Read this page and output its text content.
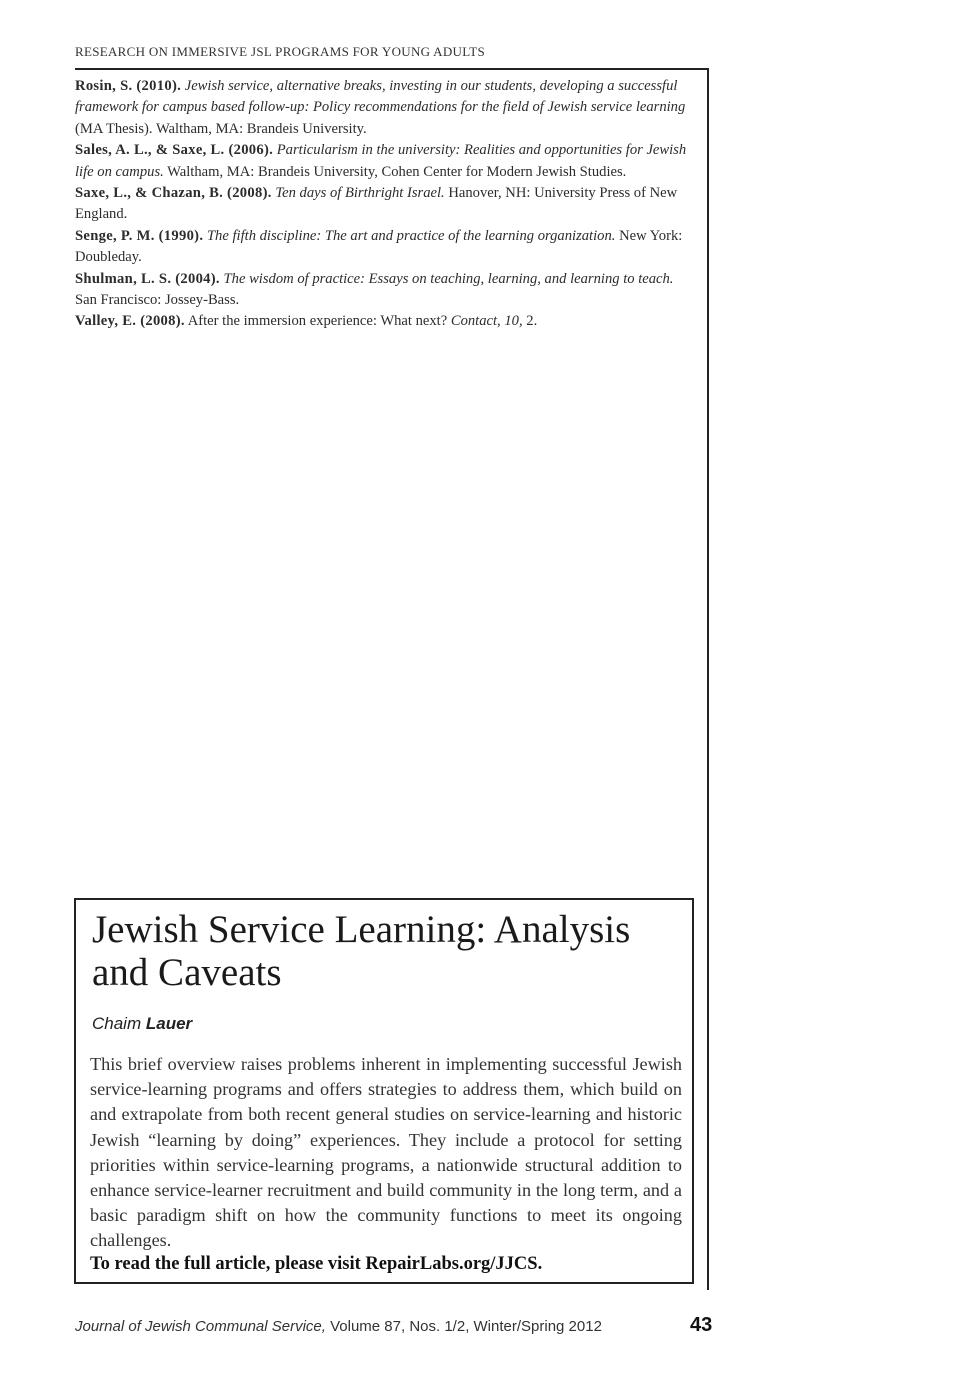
RESEARCH ON IMMERSIVE JSL PROGRAMS FOR YOUNG ADULTS

Rosin, S. (2010). Jewish service, alternative breaks, investing in our students, developing a successful framework for campus based follow-up: Policy recommendations for the field of Jewish service learning (MA Thesis). Waltham, MA: Brandeis University.

Sales, A. L., & Saxe, L. (2006). Particularism in the university: Realities and opportunities for Jewish life on campus. Waltham, MA: Brandeis University, Cohen Center for Modern Jewish Studies.

Saxe, L., & Chazan, B. (2008). Ten days of Birthright Israel. Hanover, NH: University Press of New England.

Senge, P. M. (1990). The fifth discipline: The art and practice of the learning organization. New York: Doubleday.

Shulman, L. S. (2004). The wisdom of practice: Essays on teaching, learning, and learning to teach. San Francisco: Jossey-Bass.

Valley, E. (2008). After the immersion experience: What next? Contact, 10, 2.

Jewish Service Learning: Analysis and Caveats
Chaim Lauer

This brief overview raises problems inherent in implementing successful Jewish service-learning programs and offers strategies to address them, which build on and extrapolate from both recent general studies on service-learning and historic Jewish “learning by doing” experiences. They include a protocol for setting priorities within service-learning programs, a nationwide structural addition to enhance service-learner recruitment and build community in the long term, and a basic paradigm shift on how the community functions to meet its ongoing challenges.

To read the full article, please visit RepairLabs.org/JJCS.

Journal of Jewish Communal Service, Volume 87, Nos. 1/2, Winter/Spring 2012	43
